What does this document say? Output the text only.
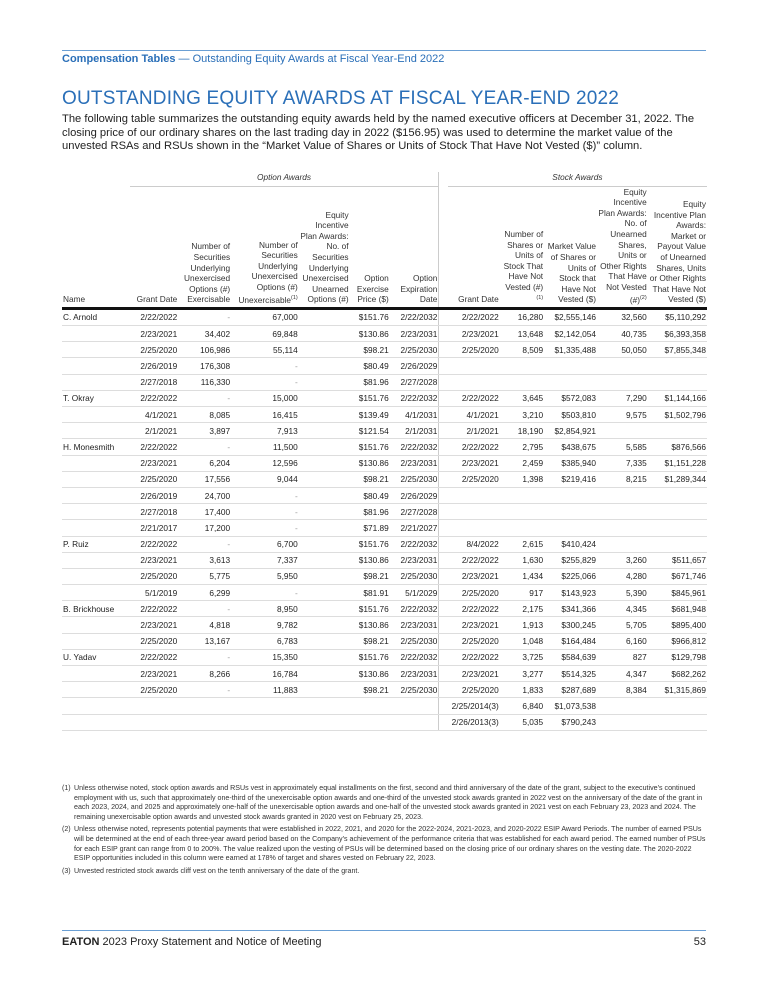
Compensation Tables — Outstanding Equity Awards at Fiscal Year-End 2022
OUTSTANDING EQUITY AWARDS AT FISCAL YEAR-END 2022
The following table summarizes the outstanding equity awards held by the named executive officers at December 31, 2022. The closing price of our ordinary shares on the last trading day in 2022 ($156.95) was used to determine the market value of the unvested RSAs and RSUs shown in the “Market Value of Shares or Units of Stock That Have Not Vested ($)” column.
	Option Awards							Stock Awards				
Name	Grant Date	Number of Securities Underlying Unexercised Options (#) Exercisable	Number of Securities Underlying Unexercised Options (#) Unexercisable$^{(1)}$	Equity Incentive Plan Awards: No. of Securities Underlying Unexercised Unearned Options (#)	Option Exercise Price ($)	Option Expiration Date		Grant Date	Number of Shares or Units of Stock That Have Not Vested (#)$^{(1)}$	Market Value of Shares or Units of Stock that Have Not Vested ($)	Equity Incentive Plan Awards: No. of Unearned Shares, Units or Other Rights That Have Not Vested (#)$^{(2)}$	Equity Incentive Plan Awards: Market or Payout Value of Unearned Shares, Units or Other Rights That Have Not Vested ($)
C. Arnold	2/22/2022	-	67,000		$151.76	2/22/2032		2/22/2022	16,280	$2,555,146	32,560	$5,110,292
	2/23/2021	34,402	69,848		$130.86	2/23/2031		2/23/2021	13,648	$2,142,054	40,735	$6,393,358
	2/25/2020	106,986	55,114		$98.21	2/25/2030		2/25/2020	8,509	$1,335,488	50,050	$7,855,348
	2/26/2019	176,308	-		$80.49	2/26/2029						
	2/27/2018	116,330	-		$81.96	2/27/2028						
T. Okray	2/22/2022	-	15,000		$151.76	2/22/2032		2/22/2022	3,645	$572,083	7,290	$1,144,166
	4/1/2021	8,085	16,415		$139.49	4/1/2031		4/1/2021	3,210	$503,810	9,575	$1,502,796
	2/1/2021	3,897	7,913		$121.54	2/1/2031		2/1/2021	18,190	$2,854,921		
H. Monesmith	2/22/2022	-	11,500		$151.76	2/22/2032		2/22/2022	2,795	$438,675	5,585	$876,566
	2/23/2021	6,204	12,596		$130.86	2/23/2031		2/23/2021	2,459	$385,940	7,335	$1,151,228
	2/25/2020	17,556	9,044		$98.21	2/25/2030		2/25/2020	1,398	$219,416	8,215	$1,289,344
	2/26/2019	24,700	-		$80.49	2/26/2029						
	2/27/2018	17,400	-		$81.96	2/27/2028						
	2/21/2017	17,200	-		$71.89	2/21/2027						
P. Ruiz	2/22/2022	-	6,700		$151.76	2/22/2032		8/4/2022	2,615	$410,424		
	2/23/2021	3,613	7,337		$130.86	2/23/2031		2/22/2022	1,630	$255,829	3,260	$511,657
	2/25/2020	5,775	5,950		$98.21	2/25/2030		2/23/2021	1,434	$225,066	4,280	$671,746
	5/1/2019	6,299	-		$81.91	5/1/2029		2/25/2020	917	$143,923	5,390	$845,961
B. Brickhouse	2/22/2022	-	8,950		$151.76	2/22/2032		2/22/2022	2,175	$341,366	4,345	$681,948
	2/23/2021	4,818	9,782		$130.86	2/23/2031		2/23/2021	1,913	$300,245	5,705	$895,400
	2/25/2020	13,167	6,783		$98.21	2/25/2030		2/25/2020	1,048	$164,484	6,160	$966,812
U. Yadav	2/22/2022	-	15,350		$151.76	2/22/2032		2/22/2022	3,725	$584,639	827	$129,798
	2/23/2021	8,266	16,784		$130.86	2/23/2031		2/23/2021	3,277	$514,325	4,347	$682,262
	2/25/2020	-	11,883		$98.21	2/25/2030		2/25/2020	1,833	$287,689	8,384	$1,315,869
								2/25/2014(3)	6,840	$1,073,538		
								2/26/2013(3)	5,035	$790,243		
(1) Unless otherwise noted, stock option awards and RSUs vest in approximately equal installments on the first, second and third anniversary of the date of the grant, subject to the executive’s continued employment with us, such that approximately one-third of the unexercisable option awards and one-third of the unvested stock awards granted in 2022 vest on the anniversary of the date of the grant in each 2023, 2024, and 2025 and approximately one-half of the unexercisable option awards and one-half of the unvested stock awards granted in 2021 vest on each February 23, 2023 and 2024. The remaining unexercisable option awards and unvested stock awards granted in 2020 vest on February 25, 2023.
(2) Unless otherwise noted, represents potential payments that were established in 2022, 2021, and 2020 for the 2022-2024, 2021-2023, and 2020-2022 ESIP Award Periods. The number of earned PSUs will be determined at the end of each three-year award period based on the Company’s achievement of the performance criteria that was established for each award period. The earned number of PSUs for each ESIP grant can range from 0 to 200%. The value realized upon the vesting of PSUs will be determined based on the closing price of our ordinary shares on the vesting date. The 2020-2022 ESIP opportunities included in this column were earned at 178% of target and shares vested on February 22, 2023.
(3) Unvested restricted stock awards cliff vest on the tenth anniversary of the date of the grant.
EATON 2023 Proxy Statement and Notice of Meeting	53
